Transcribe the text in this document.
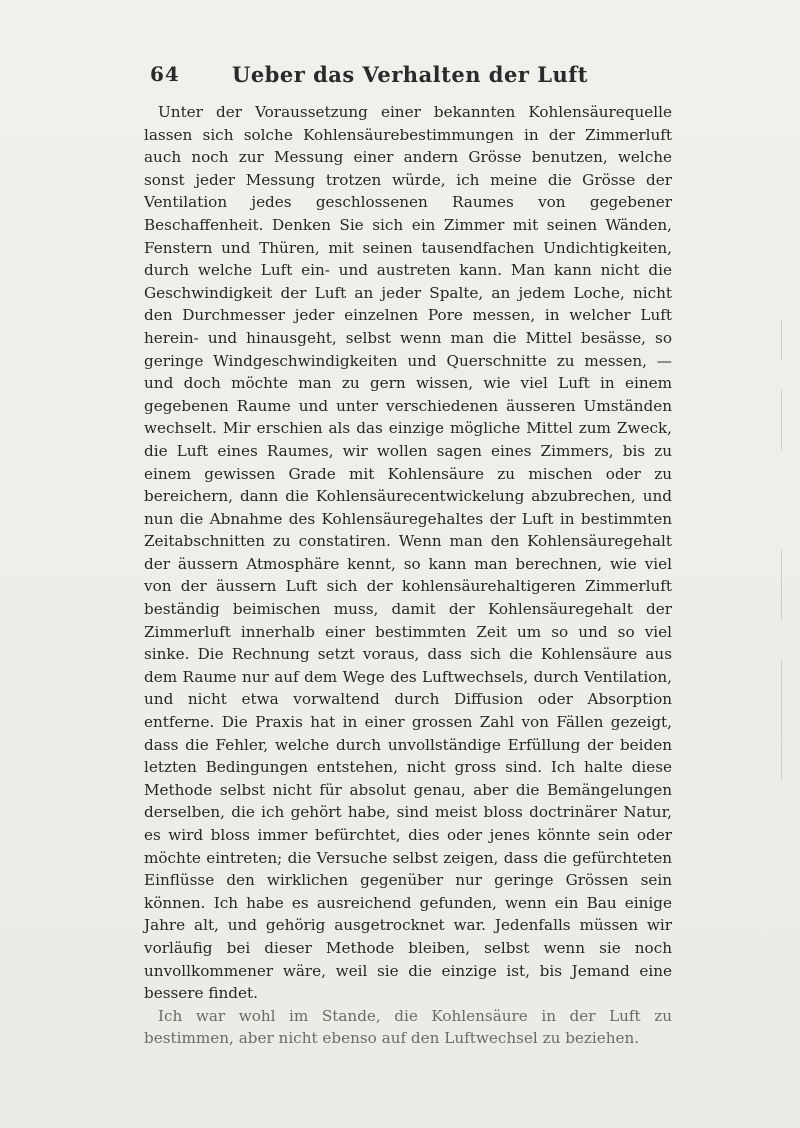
64	Ueber das Verhalten der Luft

Unter der Voraussetzung einer bekannten Kohlensäurequelle lassen sich solche Kohlensäurebestimmungen in der Zimmerluft auch noch zur Messung einer andern Grösse benutzen, welche sonst jeder Messung trotzen würde, ich meine die Grösse der Ventilation jedes geschlossenen Raumes von gegebener Beschaffenheit. Denken Sie sich ein Zimmer mit seinen Wänden, Fenstern und Thüren, mit seinen tausendfachen Undichtigkeiten, durch welche Luft ein- und austreten kann. Man kann nicht die Geschwindigkeit der Luft an jeder Spalte, an jedem Loche, nicht den Durchmesser jeder einzelnen Pore messen, in welcher Luft herein- und hinausgeht, selbst wenn man die Mittel besässe, so geringe Windgeschwindigkeiten und Querschnitte zu messen, — und doch möchte man zu gern wissen, wie viel Luft in einem gegebenen Raume und unter verschiedenen äusseren Umständen wechselt. Mir erschien als das einzige mögliche Mittel zum Zweck, die Luft eines Raumes, wir wollen sagen eines Zimmers, bis zu einem gewissen Grade mit Kohlensäure zu mischen oder zu bereichern, dann die Kohlensäurecentwickelung abzubrechen, und nun die Abnahme des Kohlensäuregehaltes der Luft in bestimmten Zeitabschnitten zu constatiren. Wenn man den Kohlensäuregehalt der äussern Atmosphäre kennt, so kann man berechnen, wie viel von der äussern Luft sich der kohlensäurehaltigeren Zimmerluft beständig beimischen muss, damit der Kohlensäuregehalt der Zimmerluft innerhalb einer bestimmten Zeit um so und so viel sinke. Die Rechnung setzt voraus, dass sich die Kohlensäure aus dem Raume nur auf dem Wege des Luftwechsels, durch Ventilation, und nicht etwa vorwaltend durch Diffusion oder Absorption entferne. Die Praxis hat in einer grossen Zahl von Fällen gezeigt, dass die Fehler, welche durch unvollständige Erfüllung der beiden letzten Bedingungen entstehen, nicht gross sind. Ich halte diese Methode selbst nicht für absolut genau, aber die Bemängelungen derselben, die ich gehört habe, sind meist bloss doctrinärer Natur, es wird bloss immer befürchtet, dies oder jenes könnte sein oder möchte eintreten; die Versuche selbst zeigen, dass die gefürchteten Einflüsse den wirklichen gegenüber nur geringe Grössen sein können. Ich habe es ausreichend gefunden, wenn ein Bau einige Jahre alt, und gehörig ausgetrocknet war. Jedenfalls müssen wir vorläufig bei dieser Methode bleiben, selbst wenn sie noch unvollkommener wäre, weil sie die einzige ist, bis Jemand eine bessere findet.

Ich war wohl im Stande, die Kohlensäure in der Luft zu bestimmen, aber nicht ebenso auf den Luftwechsel zu beziehen.
